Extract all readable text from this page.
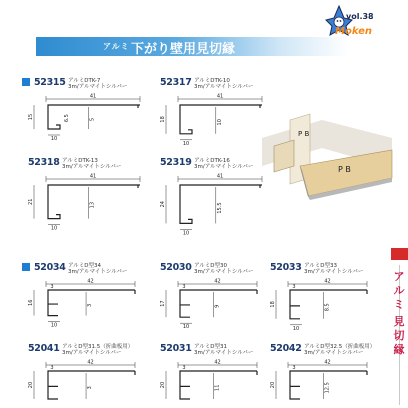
アルミ 下がり壁用見切縁
vol.38
Moken
ア
ル
ミ
見
切
縁
P B
P B
52315 アルミDTK-7
3m/アルマイトシルバー
41
15	5
6.5
10
52317 アルミDTK-10
3m/アルマイトシルバー
41
18	10
10
52318 アルミDTK-13
3m/アルマイトシルバー
41
21
13
10
52319 アルミDTK-16
3m/アルマイトシルバー
41
24	15.5
10
52034 アルミD型34
3m/アルマイトシルバー
42
16	3
3
10
52030 アルミD型30
3m/アルマイトシルバー
42
17	9
3
10
52033 アルミD型33
3m/アルマイトシルバー
42
18	8.5
3
10
52041 アルミD型31.5（折曲板用）
3m/アルマイトシルバー
42
20	3
3
52031 アルミD型31
3m/アルマイトシルバー
42
20	11
3
52042 アルミD型32.5（折曲板用）
3m/アルマイトシルバー
42
20	12.5
3
